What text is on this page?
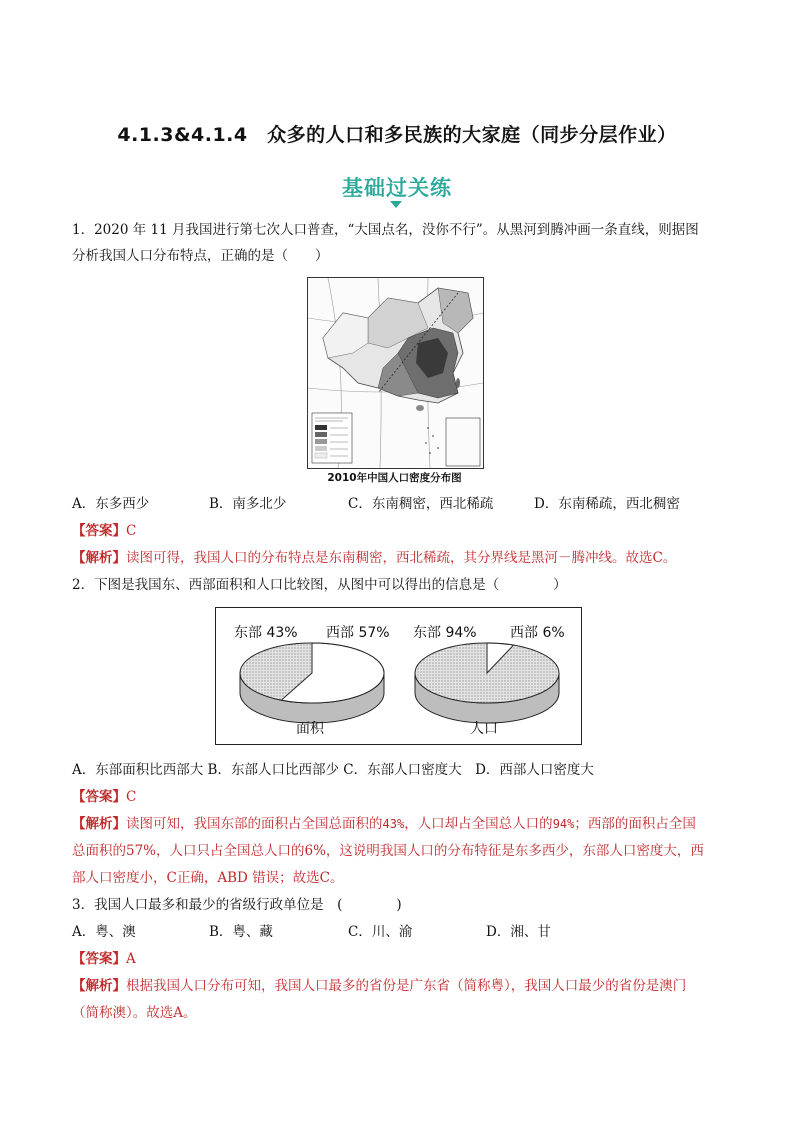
4.1.3&4.1.4　众多的人口和多民族的大家庭（同步分层作业）
基础过关练
1．2020 年 11 月我国进行第七次人口普查，“大国点名，没你不行”。从黑河到腾冲画一条直线，则据图
分析我国人口分布特点，正确的是（　　）
2010年中国人口密度分布图
A．东多西少	B．南多北少	C．东南稠密，西北稀疏	D．东南稀疏，西北稠密
【答案】C
【解析】读图可得，我国人口的分布特点是东南稠密，西北稀疏，其分界线是黑河－腾冲线。故选C。
2．下图是我国东、西部面积和人口比较图，从图中可以得出的信息是（　　　　）
东部 43% 西部 57%
面积
东部 94% 西部 6%
人口
A．东部面积比西部大 B．东部人口比西部少 C．东部人口密度大　D．西部人口密度大
【答案】C
【解析】读图可知，我国东部的面积占全国总面积的43%，人口却占全国总人口的94%；西部的面积占全国
总面积的57%，人口只占全国总人口的6%，这说明我国人口的分布特征是东多西少，东部人口密度大，西
部人口密度小，C正确，ABD 错误；故选C。
3．我国人口最多和最少的省级行政单位是　(　　　　)
A．粤、澳	B．粤、藏	C．川、渝	D．湘、甘
【答案】A
【解析】根据我国人口分布可知，我国人口最多的省份是广东省（简称粤），我国人口最少的省份是澳门
（简称澳）。故选A。
